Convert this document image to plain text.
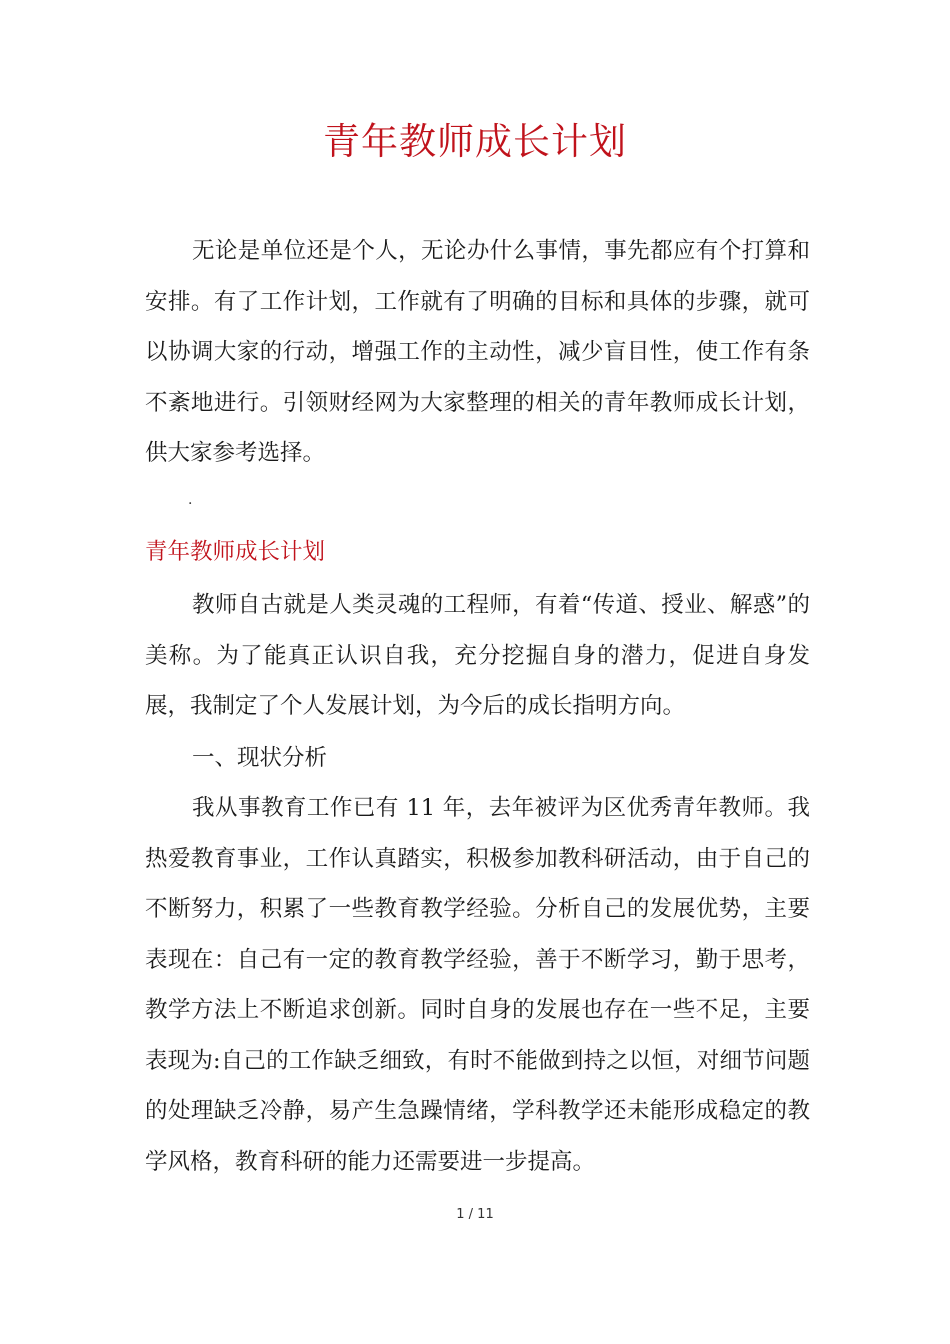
青年教师成长计划

无论是单位还是个人，无论办什么事情，事先都应有个打算和安排。有了工作计划，工作就有了明确的目标和具体的步骤，就可以协调大家的行动，增强工作的主动性，减少盲目性，使工作有条不紊地进行。引领财经网为大家整理的相关的青年教师成长计划，供大家参考选择。

·
青年教师成长计划

教师自古就是人类灵魂的工程师，有着“传道、授业、解惑”的美称。为了能真正认识自我，充分挖掘自身的潜力，促进自身发展，我制定了个人发展计划，为今后的成长指明方向。

一、现状分析

我从事教育工作已有 11 年，去年被评为区优秀青年教师。我热爱教育事业，工作认真踏实，积极参加教科研活动，由于自己的不断努力，积累了一些教育教学经验。分析自己的发展优势，主要表现在：自己有一定的教育教学经验，善于不断学习，勤于思考，教学方法上不断追求创新。同时自身的发展也存在一些不足，主要表现为:自己的工作缺乏细致，有时不能做到持之以恒，对细节问题的处理缺乏冷静，易产生急躁情绪，学科教学还未能形成稳定的教学风格，教育科研的能力还需要进一步提高。

1 / 11
